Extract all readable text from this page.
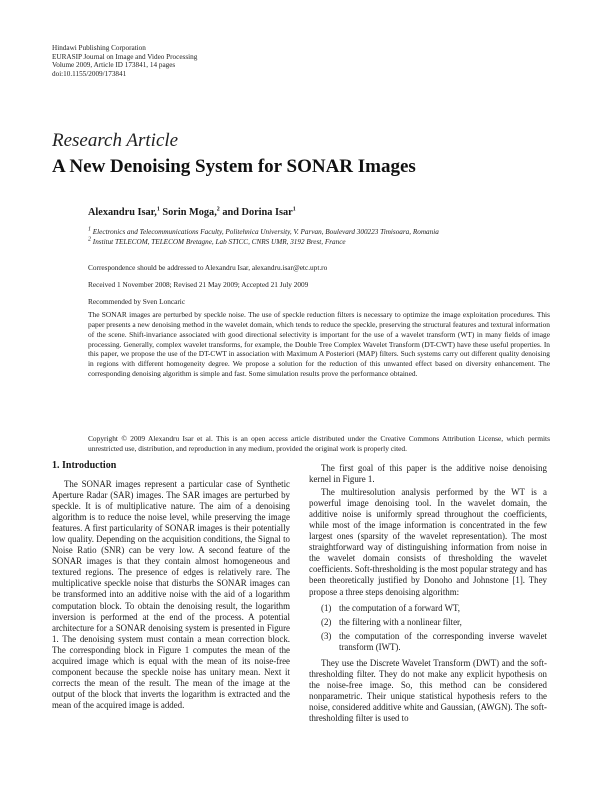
Hindawi Publishing Corporation
EURASIP Journal on Image and Video Processing
Volume 2009, Article ID 173841, 14 pages
doi:10.1155/2009/173841
Research Article
A New Denoising System for SONAR Images
Alexandru Isar,$^1$ Sorin Moga,$^2$ and Dorina Isar$^1$
$^1$ Electronics and Telecommunications Faculty, Politehnica University, V. Parvan, Boulevard 300223 Timisoara, Romania
$^2$ Institut TELECOM, TELECOM Bretagne, Lab STICC, CNRS UMR, 3192 Brest, France
Correspondence should be addressed to Alexandru Isar, alexandru.isar@etc.upt.ro
Received 1 November 2008; Revised 21 May 2009; Accepted 21 July 2009
Recommended by Sven Loncaric
The SONAR images are perturbed by speckle noise. The use of speckle reduction filters is necessary to optimize the image exploitation procedures. This paper presents a new denoising method in the wavelet domain, which tends to reduce the speckle, preserving the structural features and textural information of the scene. Shift-invariance associated with good directional selectivity is important for the use of a wavelet transform (WT) in many fields of image processing. Generally, complex wavelet transforms, for example, the Double Tree Complex Wavelet Transform (DT-CWT) have these useful properties. In this paper, we propose the use of the DT-CWT in association with Maximum A Posteriori (MAP) filters. Such systems carry out different quality denoising in regions with different homogeneity degree. We propose a solution for the reduction of this unwanted effect based on diversity enhancement. The corresponding denoising algorithm is simple and fast. Some simulation results prove the performance obtained.
Copyright © 2009 Alexandru Isar et al. This is an open access article distributed under the Creative Commons Attribution License, which permits unrestricted use, distribution, and reproduction in any medium, provided the original work is properly cited.
1. Introduction

The SONAR images represent a particular case of Synthetic Aperture Radar (SAR) images. The SAR images are perturbed by speckle. It is of multiplicative nature. The aim of a denoising algorithm is to reduce the noise level, while preserving the image features. A first particularity of SONAR images is their potentially low quality. Depending on the acquisition conditions, the Signal to Noise Ratio (SNR) can be very low. A second feature of the SONAR images is that they contain almost homogeneous and textured regions. The presence of edges is relatively rare. The multiplicative speckle noise that disturbs the SONAR images can be transformed into an additive noise with the aid of a logarithm computation block. To obtain the denoising result, the logarithm inversion is performed at the end of the process. A potential architecture for a SONAR denoising system is presented in Figure 1. The denoising system must contain a mean correction block. The corresponding block in Figure 1 computes the mean of the acquired image which is equal with the mean of its noise-free component because the speckle noise has unitary mean. Next it corrects the mean of the result. The mean of the image at the output of the block that inverts the logarithm is extracted and the mean of the acquired image is added.

The first goal of this paper is the additive noise denoising kernel in Figure 1.

The multiresolution analysis performed by the WT is a powerful image denoising tool. In the wavelet domain, the additive noise is uniformly spread throughout the coefficients, while most of the image information is concentrated in the few largest ones (sparsity of the wavelet representation). The most straightforward way of distinguishing information from noise in the wavelet domain consists of thresholding the wavelet coefficients. Soft-thresholding is the most popular strategy and has been theoretically justified by Donoho and Johnstone [1]. They propose a three steps denoising algorithm:

(1) the computation of a forward WT,
(2) the filtering with a nonlinear filter,
(3) the computation of the corresponding inverse wavelet transform (IWT).

They use the Discrete Wavelet Transform (DWT) and the soft-thresholding filter. They do not make any explicit hypothesis on the noise-free image. So, this method can be considered nonparametric. Their unique statistical hypothesis refers to the noise, considered additive white and Gaussian, (AWGN). The soft-thresholding filter is used to
